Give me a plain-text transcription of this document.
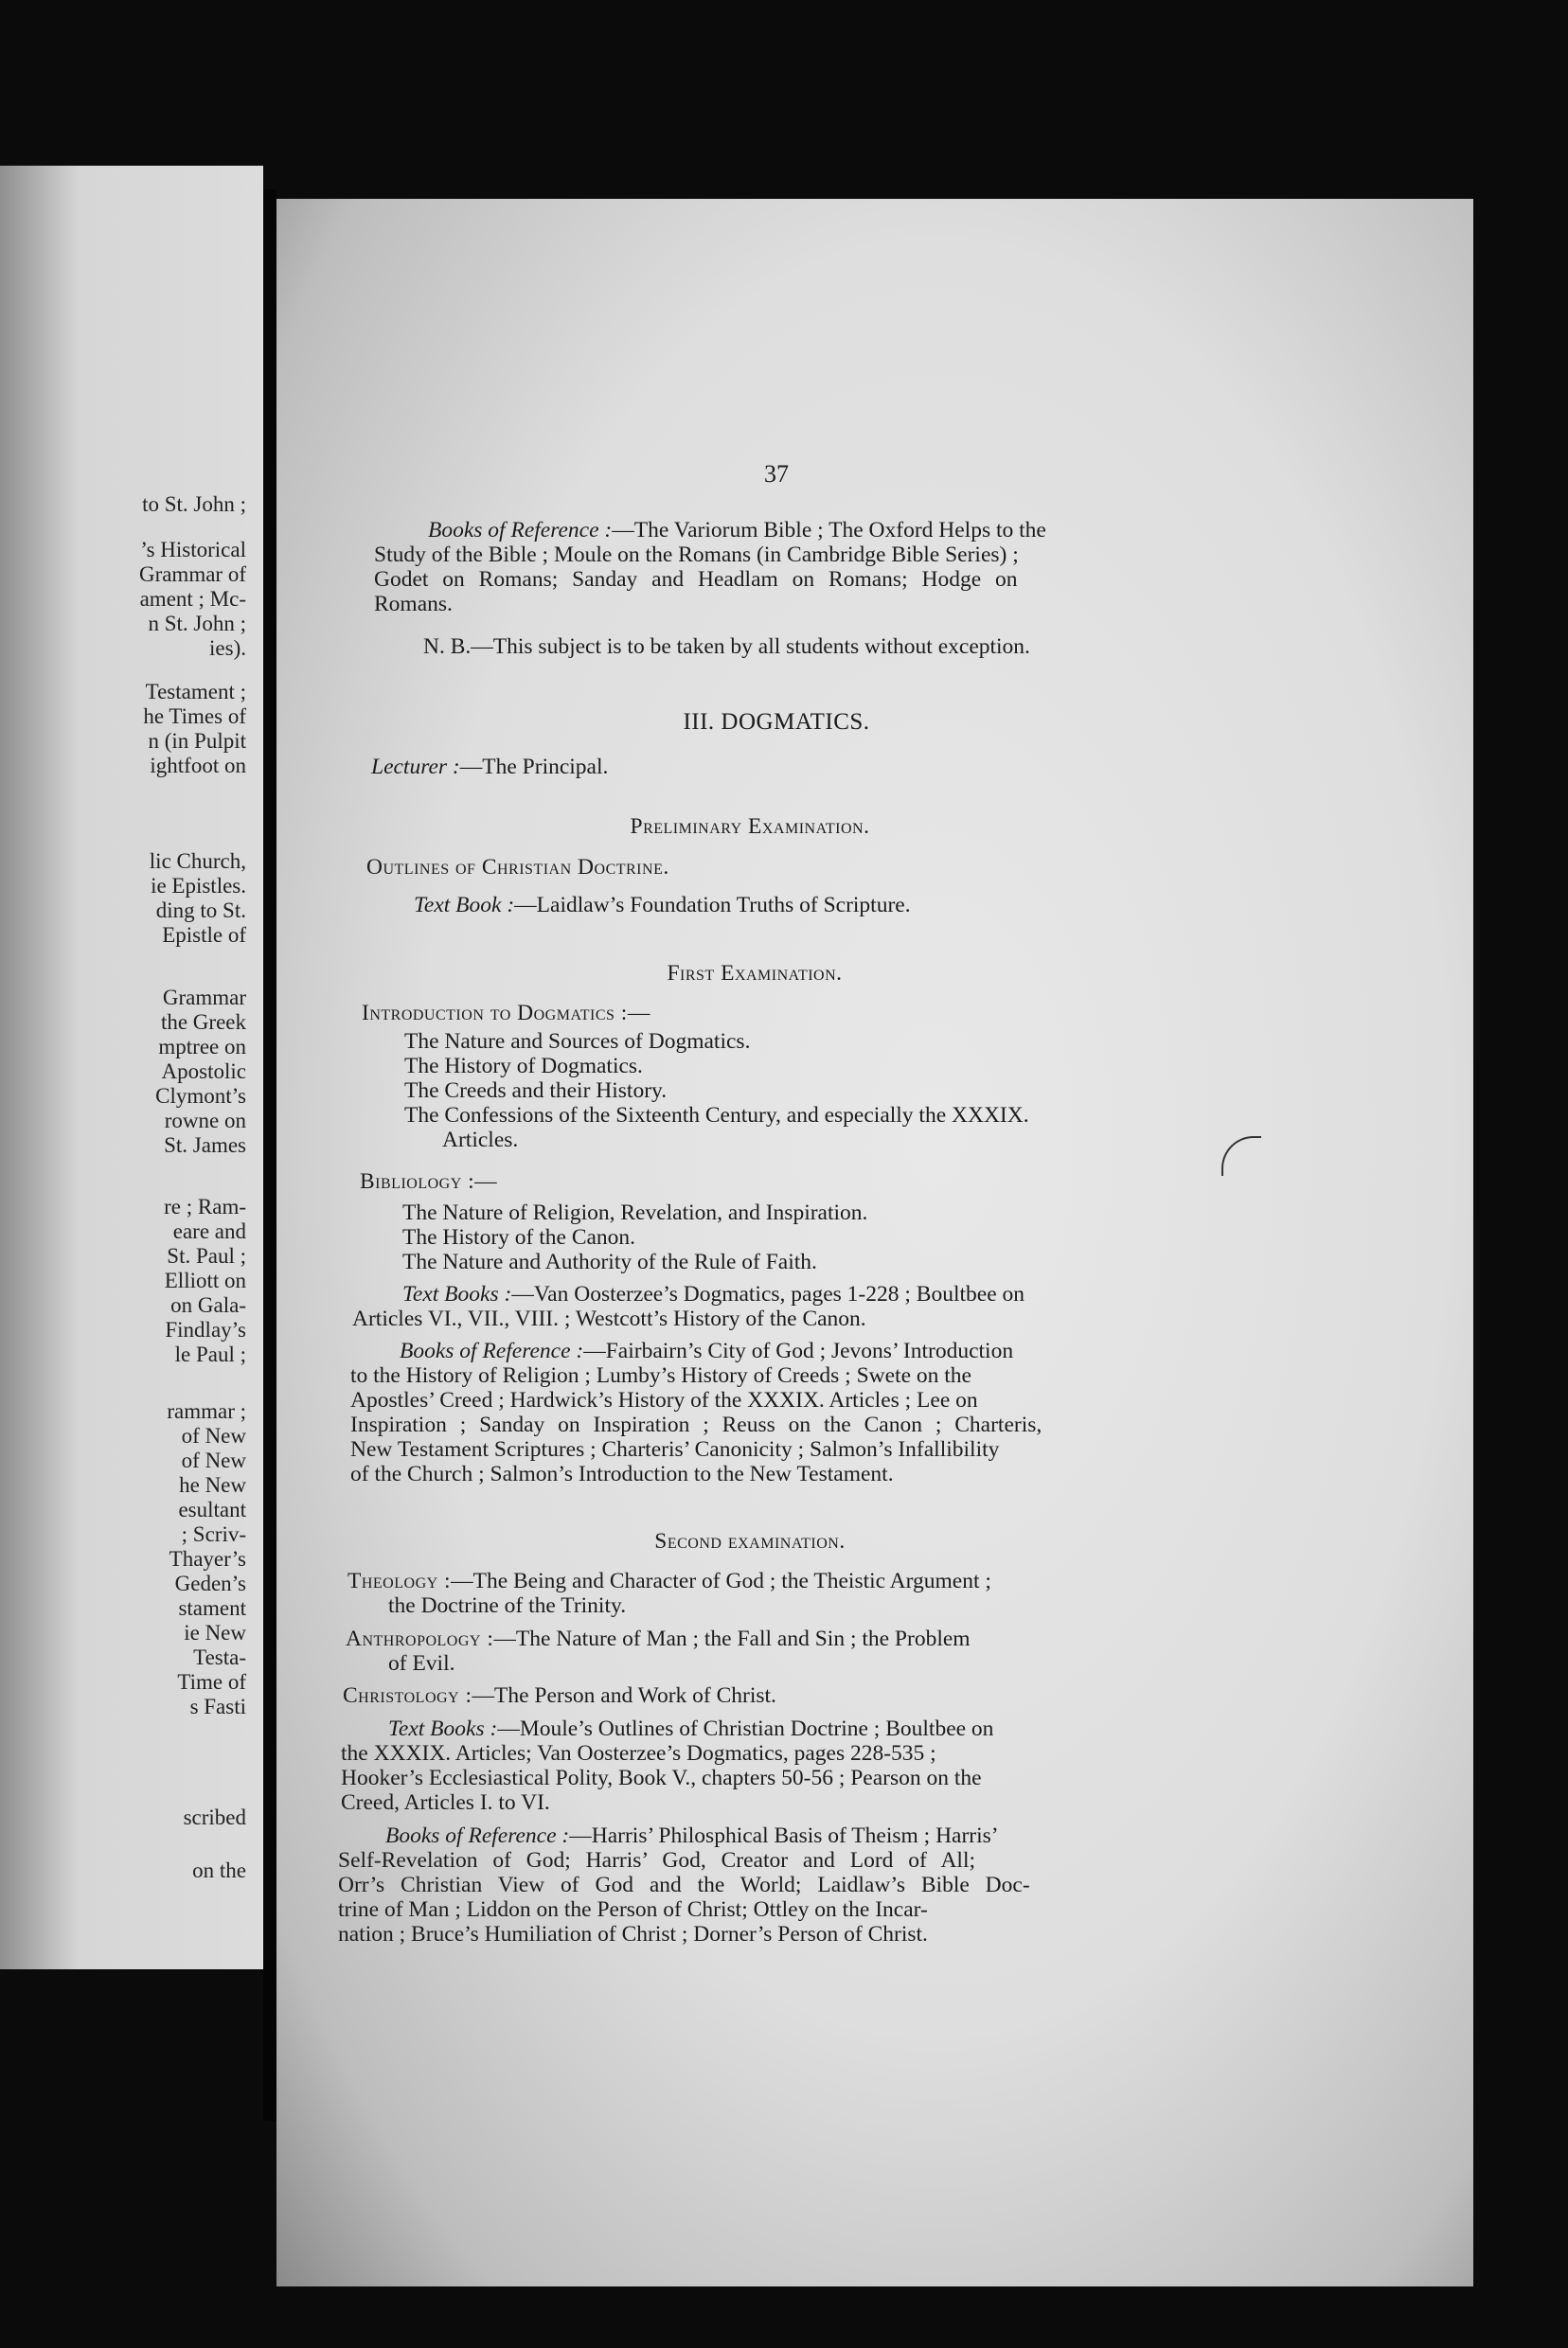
to St. John ;
’s Historical
Grammar of
ament ; Mc-
n St. John ;
ies).
Testament ;
he Times of
n (in Pulpit
ightfoot on
lic Church,
ie Epistles.
ding to St.
Epistle of
Grammar
the Greek
mptree on
Apostolic
Clymont’s
rowne on
St. James
re ; Ram-
eare and
St. Paul ;
Elliott on
on Gala-
Findlay’s
le Paul ;
rammar ;
of New
of New
he New
esultant
; Scriv-
Thayer’s
Geden’s
stament
ie New
Testa-
Time of
s Fasti
scribed
on the
37
Books of Reference :—The Variorum Bible ; The Oxford Helps to the
Study of the Bible ; Moule on the Romans (in Cambridge Bible Series) ;
Godet on Romans; Sanday and Headlam on Romans; Hodge on
Romans.
N. B.—This subject is to be taken by all students without exception.
III. DOGMATICS.
Lecturer :—The Principal.
Preliminary Examination.
Outlines of Christian Doctrine.
Text Book :—Laidlaw’s Foundation Truths of Scripture.
First Examination.
Introduction to Dogmatics :—
The Nature and Sources of Dogmatics.
The History of Dogmatics.
The Creeds and their History.
The Confessions of the Sixteenth Century, and especially the XXXIX.
Articles.
Bibliology :—
The Nature of Religion, Revelation, and Inspiration.
The History of the Canon.
The Nature and Authority of the Rule of Faith.
Text Books :—Van Oosterzee’s Dogmatics, pages 1-228 ; Boultbee on
Articles VI., VII., VIII. ; Westcott’s History of the Canon.
Books of Reference :—Fairbairn’s City of God ; Jevons’ Introduction
to the History of Religion ; Lumby’s History of Creeds ; Swete on the
Apostles’ Creed ; Hardwick’s History of the XXXIX. Articles ; Lee on
Inspiration ; Sanday on Inspiration ; Reuss on the Canon ; Charteris,
New Testament Scriptures ; Charteris’ Canonicity ; Salmon’s Infallibility
of the Church ; Salmon’s Introduction to the New Testament.
Second examination.
Theology :—The Being and Character of God ; the Theistic Argument ;
the Doctrine of the Trinity.
Anthropology :—The Nature of Man ; the Fall and Sin ; the Problem
of Evil.
Christology :—The Person and Work of Christ.
Text Books :—Moule’s Outlines of Christian Doctrine ; Boultbee on
the XXXIX. Articles; Van Oosterzee’s Dogmatics, pages 228-535 ;
Hooker’s Ecclesiastical Polity, Book V., chapters 50-56 ; Pearson on the
Creed, Articles I. to VI.
Books of Reference :—Harris’ Philosphical Basis of Theism ; Harris’
Self-Revelation of God; Harris’ God, Creator and Lord of All;
Orr’s Christian View of God and the World; Laidlaw’s Bible Doc-
trine of Man ; Liddon on the Person of Christ; Ottley on the Incar-
nation ; Bruce’s Humiliation of Christ ; Dorner’s Person of Christ.
